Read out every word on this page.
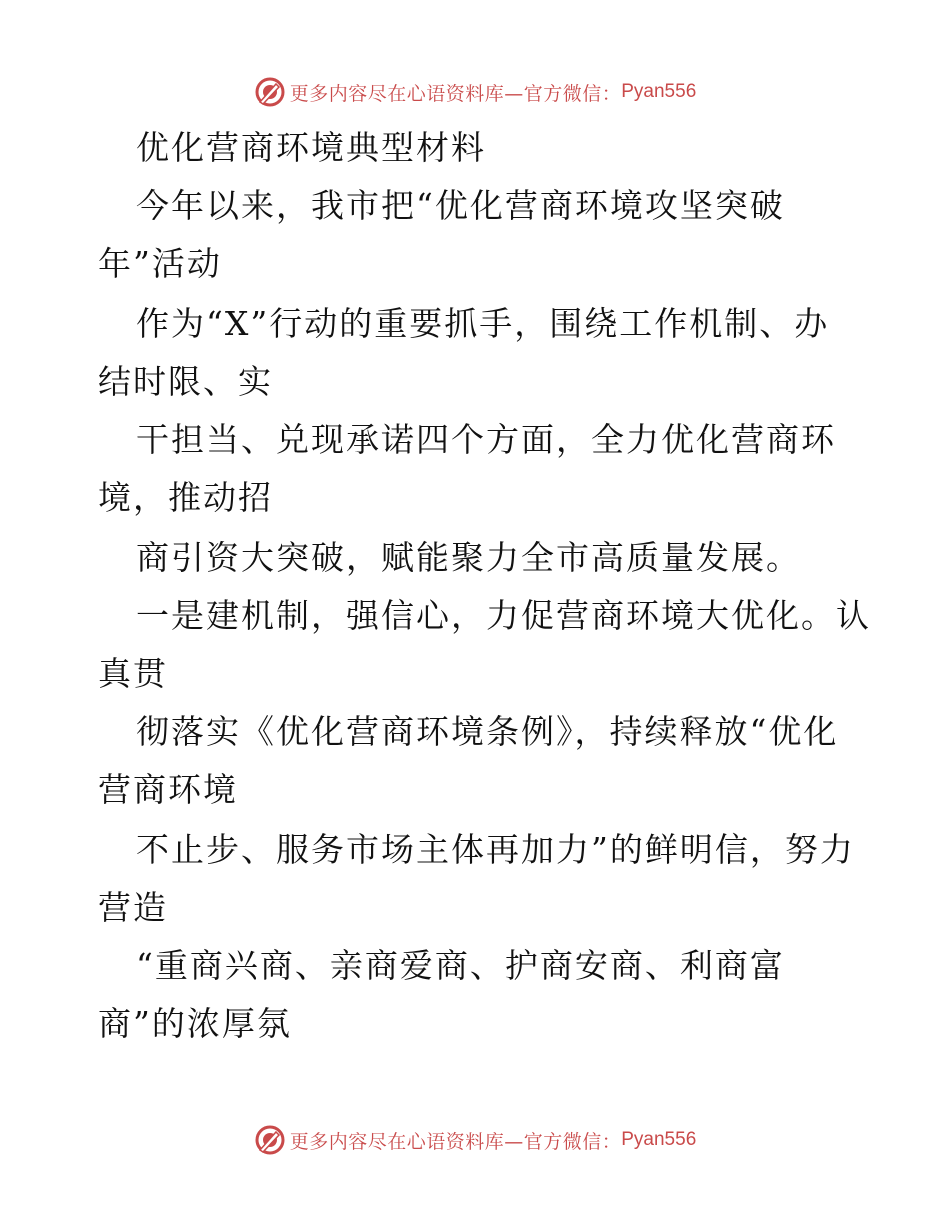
更多内容尽在心语资料库—官方微信： Pyan556
优化营商环境典型材料
今年以来，我市把“优化营商环境攻坚突破
年”活动
作为“X”行动的重要抓手，围绕工作机制、办
结时限、实
干担当、兑现承诺四个方面，全力优化营商环
境，推动招
商引资大突破，赋能聚力全市高质量发展。
一是建机制，强信心，力促营商环境大优化。认
真贯
彻落实《优化营商环境条例》，持续释放“优化
营商环境
不止步、服务市场主体再加力”的鲜明信，努力
营造
“重商兴商、亲商爱商、护商安商、利商富
商”的浓厚氛
更多内容尽在心语资料库—官方微信： Pyan556
